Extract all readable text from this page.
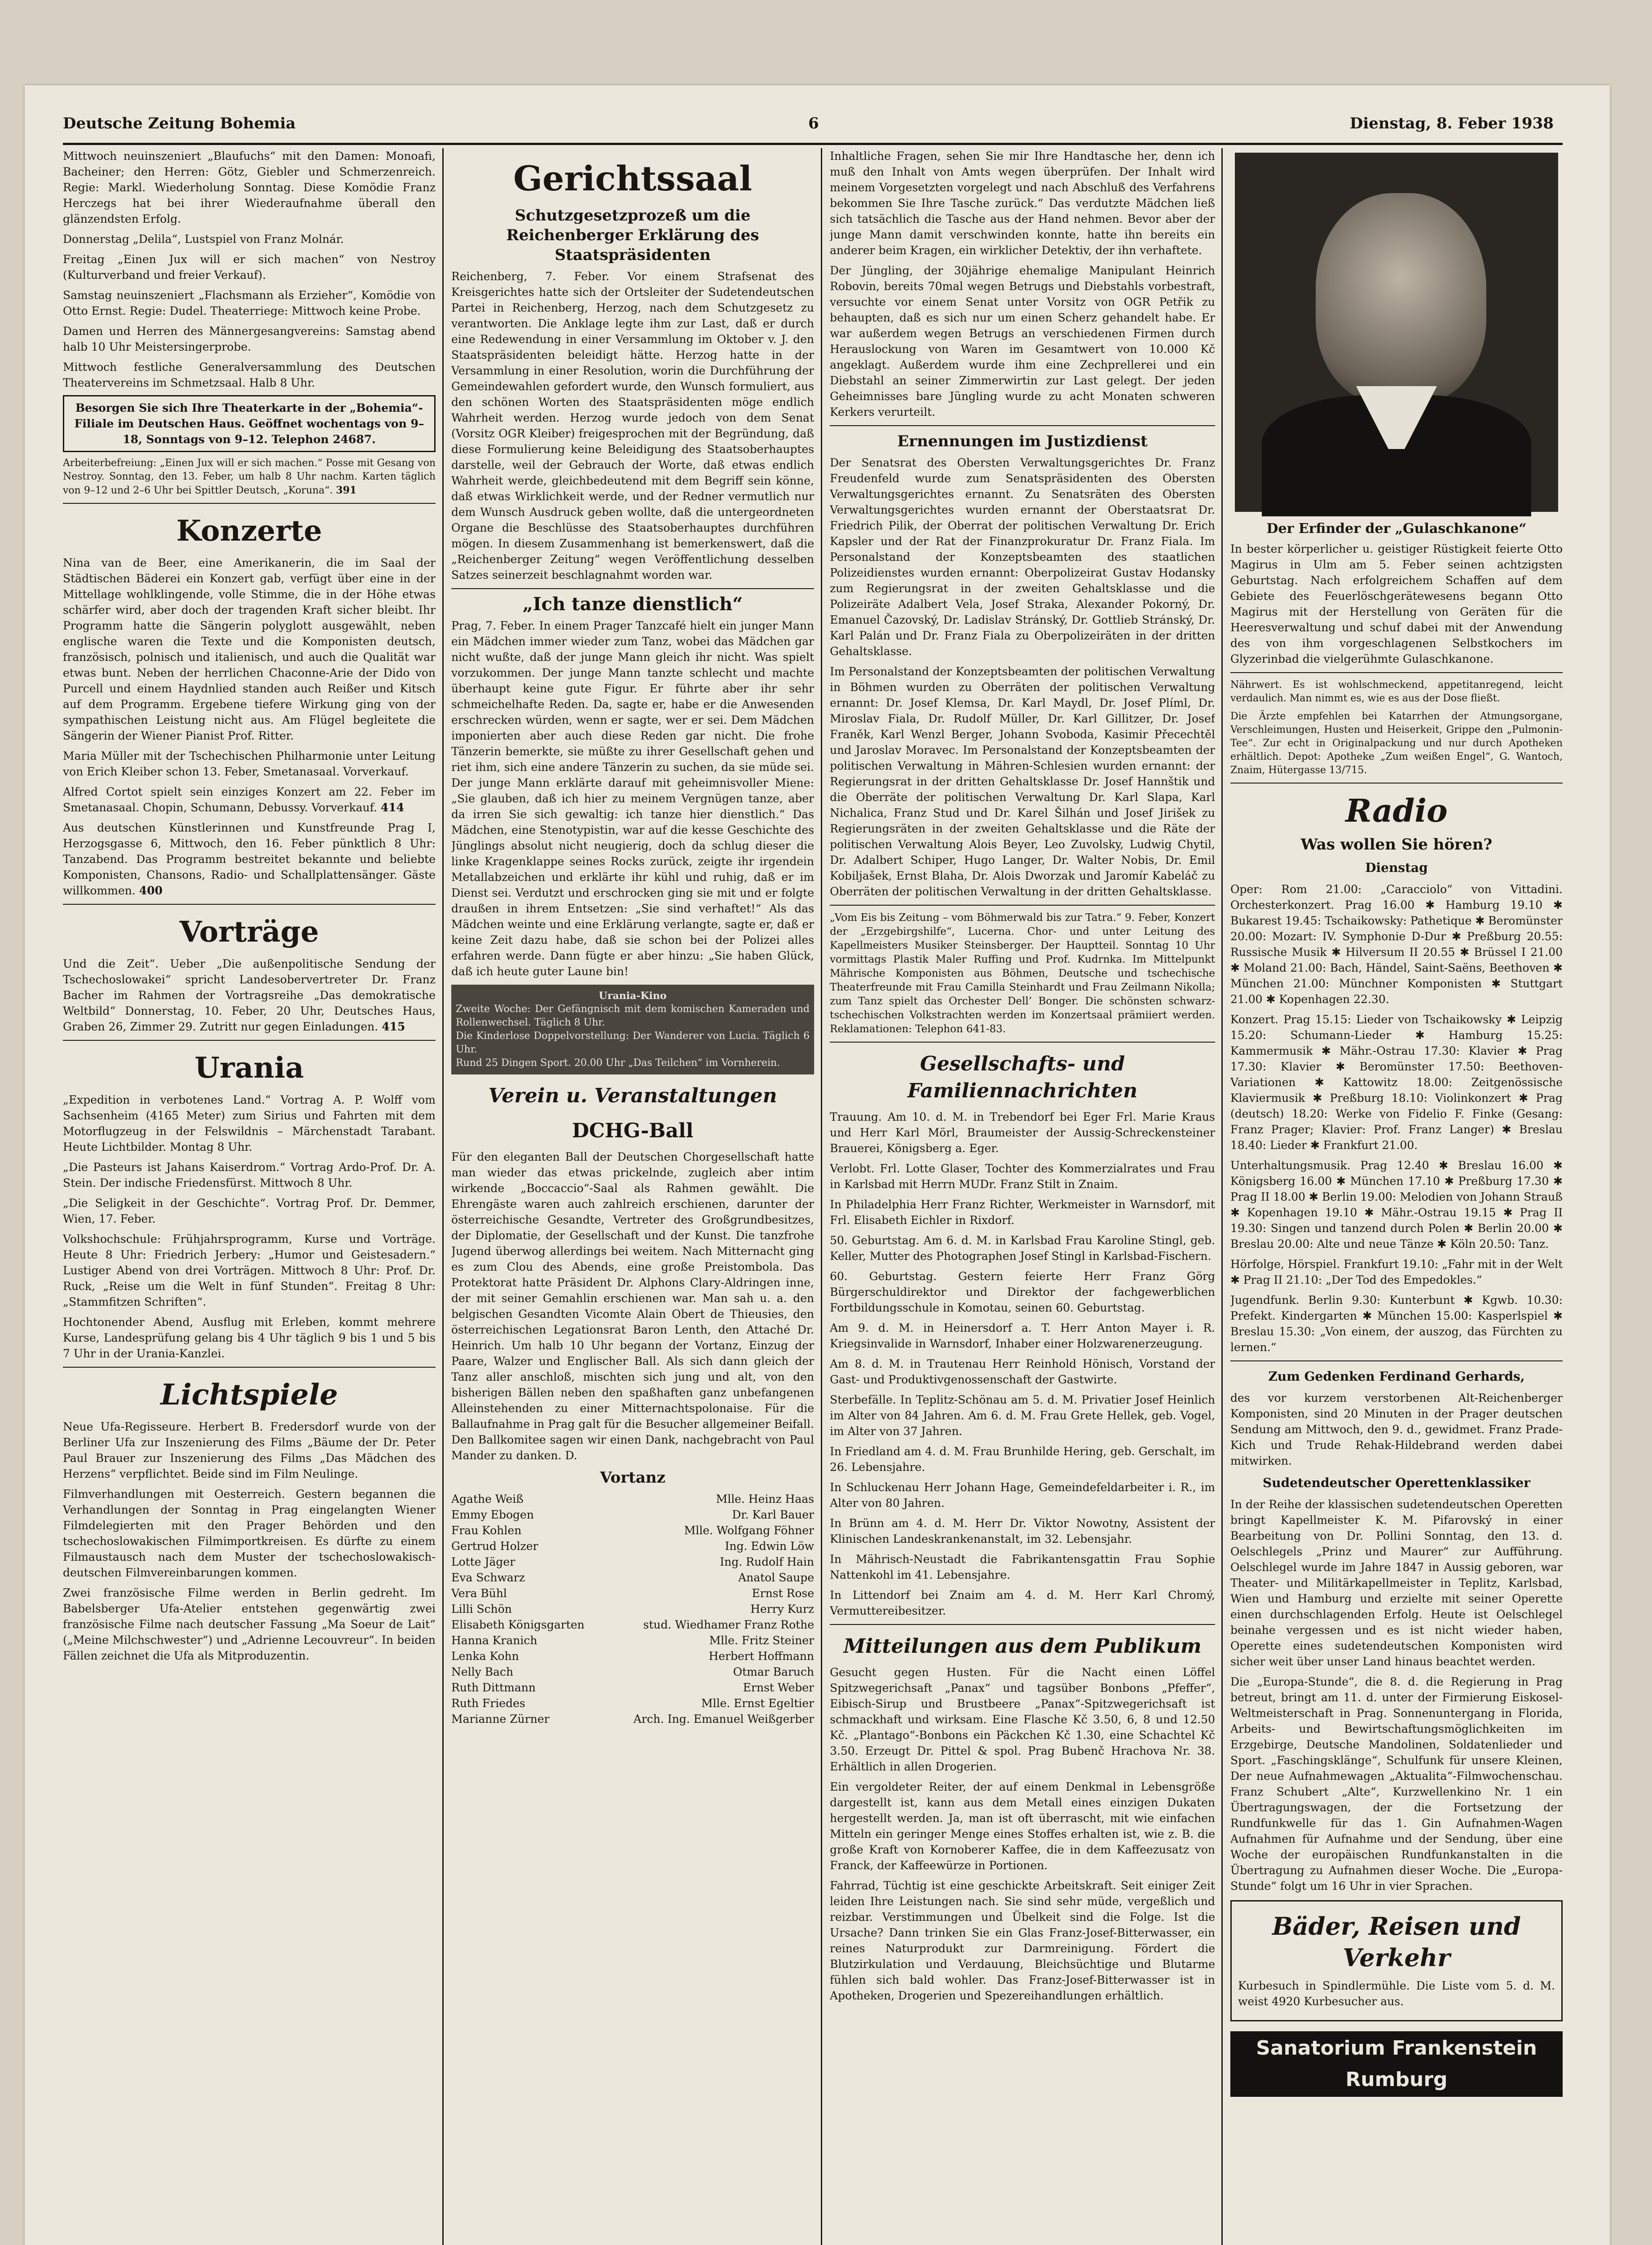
Deutsche Zeitung Bohemia	6	Dienstag, 8. Feber 1938

Mittwoch neuinszeniert „Blaufuchs“ mit den Damen: Monoafi, Bacheiner; den Herren: Götz, Giebler und Schmerzenreich. Regie: Markl. Wiederholung Sonntag. Diese Komödie Franz Herczegs hat bei ihrer Wiederaufnahme überall den glänzendsten Erfolg.

Donnerstag „Delila“, Lustspiel von Franz Molnár.

Freitag „Einen Jux will er sich machen“ von Nestroy (Kulturverband und freier Verkauf).

Samstag neuinszeniert „Flachsmann als Erzieher“, Komödie von Otto Ernst. Regie: Dudel. Theaterriege: Mittwoch keine Probe.

Damen und Herren des Männergesangvereins: Samstag abend halb 10 Uhr Meistersingerprobe.

Mittwoch festliche Generalversammlung des Deutschen Theatervereins im Schmetzsaal. Halb 8 Uhr.

Besorgen Sie sich Ihre Theaterkarte in der „Bohemia“-Filiale im Deutschen Haus. Geöffnet wochentags von 9–18, Sonntags von 9–12. Telephon 24687.

Arbeiterbefreiung: „Einen Jux will er sich machen.“ Posse mit Gesang von Nestroy. Sonntag, den 13. Feber, um halb 8 Uhr nachm. Karten täglich von 9–12 und 2–6 Uhr bei Spittler Deutsch, „Koruna“. 391

Konzerte

Nina van de Beer, eine Amerikanerin, die im Saal der Städtischen Bäderei ein Konzert gab, verfügt über eine in der Mittellage wohlklingende, volle Stimme, die in der Höhe etwas schärfer wird, aber doch der tragenden Kraft sicher bleibt. Ihr Programm hatte die Sängerin polyglott ausgewählt, neben englische waren die Texte und die Komponisten deutsch, französisch, polnisch und italienisch, und auch die Qualität war etwas bunt. Neben der herrlichen Chaconne-Arie der Dido von Purcell und einem Haydnlied standen auch Reißer und Kitsch auf dem Programm. Ergebene tiefere Wirkung ging von der sympathischen Leistung nicht aus. Am Flügel begleitete die Sängerin der Wiener Pianist Prof. Ritter.

Maria Müller mit der Tschechischen Philharmonie unter Leitung von Erich Kleiber schon 13. Feber, Smetanasaal. Vorverkauf.

Alfred Cortot spielt sein einziges Konzert am 22. Feber im Smetanasaal. Chopin, Schumann, Debussy. Vorverkauf. 414

Aus deutschen Künstlerinnen und Kunstfreunde Prag I, Herzogsgasse 6, Mittwoch, den 16. Feber pünktlich 8 Uhr: Tanzabend. Das Programm bestreitet bekannte und beliebte Komponisten, Chansons, Radio- und Schallplattensänger. Gäste willkommen. 400

Vorträge

Und die Zeit“. Ueber „Die außenpolitische Sendung der Tschechoslowakei“ spricht Landesobervertreter Dr. Franz Bacher im Rahmen der Vortragsreihe „Das demokratische Weltbild“ Donnerstag, 10. Feber, 20 Uhr, Deutsches Haus, Graben 26, Zimmer 29. Zutritt nur gegen Einladungen. 415

Urania

„Expedition in verbotenes Land.“ Vortrag A. P. Wolff vom Sachsenheim (4165 Meter) zum Sirius und Fahrten mit dem Motorflugzeug in der Felswildnis – Märchenstadt Tarabant. Heute Lichtbilder. Montag 8 Uhr.

„Die Pasteurs ist Jahans Kaiserdrom.“ Vortrag Ardo-Prof. Dr. A. Stein. Der indische Friedensfürst. Mittwoch 8 Uhr.

„Die Seligkeit in der Geschichte“. Vortrag Prof. Dr. Demmer, Wien, 17. Feber.

Volkshochschule: Frühjahrsprogramm, Kurse und Vorträge. Heute 8 Uhr: Friedrich Jerbery: „Humor und Geistesadern.“ Lustiger Abend von drei Vorträgen. Mittwoch 8 Uhr: Prof. Dr. Ruck, „Reise um die Welt in fünf Stunden“. Freitag 8 Uhr: „Stammfitzen Schriften“.

Hochtonender Abend, Ausflug mit Erleben, kommt mehrere Kurse, Landesprüfung gelang bis 4 Uhr täglich 9 bis 1 und 5 bis 7 Uhr in der Urania-Kanzlei.

Lichtspiele

Neue Ufa-Regisseure. Herbert B. Fredersdorf wurde von der Berliner Ufa zur Inszenierung des Films „Bäume der Dr. Peter Paul Brauer zur Inszenierung des Films „Das Mädchen des Herzens“ verpflichtet. Beide sind im Film Neulinge.

Filmverhandlungen mit Oesterreich. Gestern begannen die Verhandlungen der Sonntag in Prag eingelangten Wiener Filmdelegierten mit den Prager Behörden und den tschechoslowakischen Filmimportkreisen. Es dürfte zu einem Filmaustausch nach dem Muster der tschechoslowakisch-deutschen Filmvereinbarungen kommen.

Zwei französische Filme werden in Berlin gedreht. Im Babelsberger Ufa-Atelier entstehen gegenwärtig zwei französische Filme nach deutscher Fassung „Ma Soeur de Lait“ („Meine Milchschwester“) und „Adrienne Lecouvreur“. In beiden Fällen zeichnet die Ufa als Mitproduzentin.

Gerichtssaal
Schutzgesetzprozeß um die Reichenberger Erklärung des Staatspräsidenten

Reichenberg, 7. Feber. Vor einem Strafsenat des Kreisgerichtes hatte sich der Ortsleiter der Sudetendeutschen Partei in Reichenberg, Herzog, nach dem Schutzgesetz zu verantworten. Die Anklage legte ihm zur Last, daß er durch eine Redewendung in einer Versammlung im Oktober v. J. den Staatspräsidenten beleidigt hätte. Herzog hatte in der Versammlung in einer Resolution, worin die Durchführung der Gemeindewahlen gefordert wurde, den Wunsch formuliert, aus den schönen Worten des Staatspräsidenten möge endlich Wahrheit werden. Herzog wurde jedoch von dem Senat (Vorsitz OGR Kleiber) freigesprochen mit der Begründung, daß diese Formulierung keine Beleidigung des Staatsoberhauptes darstelle, weil der Gebrauch der Worte, daß etwas endlich Wahrheit werde, gleichbedeutend mit dem Begriff sein könne, daß etwas Wirklichkeit werde, und der Redner vermutlich nur dem Wunsch Ausdruck geben wollte, daß die untergeordneten Organe die Beschlüsse des Staatsoberhauptes durchführen mögen. In diesem Zusammenhang ist bemerkenswert, daß die „Reichenberger Zeitung“ wegen Veröffentlichung desselben Satzes seinerzeit beschlagnahmt worden war.

„Ich tanze dienstlich“

Prag, 7. Feber. In einem Prager Tanzcafé hielt ein junger Mann ein Mädchen immer wieder zum Tanz, wobei das Mädchen gar nicht wußte, daß der junge Mann gleich ihr nicht. Was spielt vorzukommen. Der junge Mann tanzte schlecht und machte überhaupt keine gute Figur. Er führte aber ihr sehr schmeichelhafte Reden. Da, sagte er, habe er die Anwesenden erschrecken würden, wenn er sagte, wer er sei. Dem Mädchen imponierten aber auch diese Reden gar nicht. Die frohe Tänzerin bemerkte, sie müßte zu ihrer Gesellschaft gehen und riet ihm, sich eine andere Tänzerin zu suchen, da sie müde sei. Der junge Mann erklärte darauf mit geheimnisvoller Miene: „Sie glauben, daß ich hier zu meinem Vergnügen tanze, aber da irren Sie sich gewaltig: ich tanze hier dienstlich.“ Das Mädchen, eine Stenotypistin, war auf die kesse Geschichte des Jünglings absolut nicht neugierig, doch da schlug dieser die linke Kragenklappe seines Rocks zurück, zeigte ihr irgendein Metallabzeichen und erklärte ihr kühl und ruhig, daß er im Dienst sei. Verdutzt und erschrocken ging sie mit und er folgte draußen in ihrem Entsetzen: „Sie sind verhaftet!“ Als das Mädchen weinte und eine Erklärung verlangte, sagte er, daß er keine Zeit dazu habe, daß sie schon bei der Polizei alles erfahren werde. Dann fügte er aber hinzu: „Sie haben Glück, daß ich heute guter Laune bin!

Urania-Kino
Zweite Woche: Der Gefängnisch mit dem komischen Kameraden und Rollenwechsel. Täglich 8 Uhr.
Die Kinderlose Doppelvorstellung: Der Wanderer von Lucia. Täglich 6 Uhr.
Rund 25 Dingen Sport. 20.00 Uhr „Das Teilchen“ im Vornherein.
Verein u. Veranstaltungen
DCHG-Ball

Für den eleganten Ball der Deutschen Chorgesellschaft hatte man wieder das etwas prickelnde, zugleich aber intim wirkende „Boccaccio“-Saal als Rahmen gewählt. Die Ehrengäste waren auch zahlreich erschienen, darunter der österreichische Gesandte, Vertreter des Großgrundbesitzes, der Diplomatie, der Gesellschaft und der Kunst. Die tanzfrohe Jugend überwog allerdings bei weitem. Nach Mitternacht ging es zum Clou des Abends, eine große Preistombola. Das Protektorat hatte Präsident Dr. Alphons Clary-Aldringen inne, der mit seiner Gemahlin erschienen war. Man sah u. a. den belgischen Gesandten Vicomte Alain Obert de Thieusies, den österreichischen Legationsrat Baron Lenth, den Attaché Dr. Heinrich. Um halb 10 Uhr begann der Vortanz, Einzug der Paare, Walzer und Englischer Ball. Als sich dann gleich der Tanz aller anschloß, mischten sich jung und alt, von den bisherigen Bällen neben den spaßhaften ganz unbefangenen Alleinstehenden zu einer Mitternachtspolonaise. Für die Ballaufnahme in Prag galt für die Besucher allgemeiner Beifall. Den Ballkomitee sagen wir einen Dank, nachgebracht von Paul Mander zu danken. D.

Vortanz
Agathe Weiß	Mlle. Heinz Haas
Emmy Ebogen	Dr. Karl Bauer
Frau Kohlen	Mlle. Wolfgang Föhner
Gertrud Holzer	Ing. Edwin Löw
Lotte Jäger	Ing. Rudolf Hain
Eva Schwarz	Anatol Saupe
Vera Bühl	Ernst Rose
Lilli Schön	Herry Kurz
Elisabeth Königsgarten	stud. Wiedhamer Franz Rothe
Hanna Kranich	Mlle. Fritz Steiner
Lenka Kohn	Herbert Hoffmann
Nelly Bach	Otmar Baruch
Ruth Dittmann	Ernst Weber
Ruth Friedes	Mlle. Ernst Egeltier
Marianne Zürner	Arch. Ing. Emanuel Weißgerber

Inhaltliche Fragen, sehen Sie mir Ihre Handtasche her, denn ich muß den Inhalt von Amts wegen überprüfen. Der Inhalt wird meinem Vorgesetzten vorgelegt und nach Abschluß des Verfahrens bekommen Sie Ihre Tasche zurück.“ Das verdutzte Mädchen ließ sich tatsächlich die Tasche aus der Hand nehmen. Bevor aber der junge Mann damit verschwinden konnte, hatte ihn bereits ein anderer beim Kragen, ein wirklicher Detektiv, der ihn verhaftete.

Der Jüngling, der 30jährige ehemalige Manipulant Heinrich Robovin, bereits 70mal wegen Betrugs und Diebstahls vorbestraft, versuchte vor einem Senat unter Vorsitz von OGR Petřik zu behaupten, daß es sich nur um einen Scherz gehandelt habe. Er war außerdem wegen Betrugs an verschiedenen Firmen durch Herauslockung von Waren im Gesamtwert von 10.000 Kč angeklagt. Außerdem wurde ihm eine Zechprellerei und ein Diebstahl an seiner Zimmerwirtin zur Last gelegt. Der jeden Geheimnisses bare Jüngling wurde zu acht Monaten schweren Kerkers verurteilt.

Ernennungen im Justizdienst

Der Senatsrat des Obersten Verwaltungsgerichtes Dr. Franz Freudenfeld wurde zum Senatspräsidenten des Obersten Verwaltungsgerichtes ernannt. Zu Senatsräten des Obersten Verwaltungsgerichtes wurden ernannt der Oberstaatsrat Dr. Friedrich Pilik, der Oberrat der politischen Verwaltung Dr. Erich Kapsler und der Rat der Finanzprokuratur Dr. Franz Fiala. Im Personalstand der Konzeptsbeamten des staatlichen Polizeidienstes wurden ernannt: Oberpolizeirat Gustav Hodansky zum Regierungsrat in der zweiten Gehaltsklasse und die Polizeiräte Adalbert Vela, Josef Straka, Alexander Pokorný, Dr. Emanuel Čazovský, Dr. Ladislav Stránský, Dr. Gottlieb Stránský, Dr. Karl Palán und Dr. Franz Fiala zu Oberpolizeiräten in der dritten Gehaltsklasse.

Im Personalstand der Konzeptsbeamten der politischen Verwaltung in Böhmen wurden zu Oberräten der politischen Verwaltung ernannt: Dr. Josef Klemsa, Dr. Karl Maydl, Dr. Josef Plíml, Dr. Miroslav Fiala, Dr. Rudolf Müller, Dr. Karl Gillitzer, Dr. Josef Franěk, Karl Wenzl Berger, Johann Svoboda, Kasimir Přecechtěl und Jaroslav Moravec. Im Personalstand der Konzeptsbeamten der politischen Verwaltung in Mähren-Schlesien wurden ernannt: der Regierungsrat in der dritten Gehaltsklasse Dr. Josef Hannštik und die Oberräte der politischen Verwaltung Dr. Karl Slapa, Karl Nichalica, Franz Stud und Dr. Karel Šilhán und Josef Jirišek zu Regierungsräten in der zweiten Gehaltsklasse und die Räte der politischen Verwaltung Alois Beyer, Leo Zuvolsky, Ludwig Chytil, Dr. Adalbert Schiper, Hugo Langer, Dr. Walter Nobis, Dr. Emil Kobiljašek, Ernst Blaha, Dr. Alois Dworzak und Jaromír Kabeláč zu Oberräten der politischen Verwaltung in der dritten Gehaltsklasse.

„Vom Eis bis Zeitung – vom Böhmerwald bis zur Tatra.“ 9. Feber, Konzert der „Erzgebirgshilfe“, Lucerna. Chor- und unter Leitung des Kapellmeisters Musiker Steinsberger. Der Hauptteil. Sonntag 10 Uhr vormittags Plastik Maler Ruffing und Prof. Kudrnka. Im Mittelpunkt Mährische Komponisten aus Böhmen, Deutsche und tschechische Theaterfreunde mit Frau Camilla Steinhardt und Frau Zeilmann Nikolla; zum Tanz spielt das Orchester Dell’ Bonger. Die schönsten schwarz-tschechischen Volkstrachten werden im Konzertsaal prämiiert werden. Reklamationen: Telephon 641-83.

Gesellschafts- und Familiennachrichten

Trauung. Am 10. d. M. in Trebendorf bei Eger Frl. Marie Kraus und Herr Karl Mörl, Braumeister der Aussig-Schreckensteiner Brauerei, Königsberg a. Eger.

Verlobt. Frl. Lotte Glaser, Tochter des Kommerzialrates und Frau in Karlsbad mit Herrn MUDr. Franz Stilt in Znaim.

In Philadelphia Herr Franz Richter, Werkmeister in Warnsdorf, mit Frl. Elisabeth Eichler in Rixdorf.

50. Geburtstag. Am 6. d. M. in Karlsbad Frau Karoline Stingl, geb. Keller, Mutter des Photographen Josef Stingl in Karlsbad-Fischern.

60. Geburtstag. Gestern feierte Herr Franz Görg Bürgerschuldirektor und Direktor der fachgewerblichen Fortbildungsschule in Komotau, seinen 60. Geburtstag.

Am 9. d. M. in Heinersdorf a. T. Herr Anton Mayer i. R. Kriegsinvalide in Warnsdorf, Inhaber einer Holzwarenerzeugung.

Am 8. d. M. in Trautenau Herr Reinhold Hönisch, Vorstand der Gast- und Produktivgenossenschaft der Gastwirte.

Sterbefälle. In Teplitz-Schönau am 5. d. M. Privatier Josef Heinlich im Alter von 84 Jahren. Am 6. d. M. Frau Grete Hellek, geb. Vogel, im Alter von 37 Jahren.

In Friedland am 4. d. M. Frau Brunhilde Hering, geb. Gerschalt, im 26. Lebensjahre.

In Schluckenau Herr Johann Hage, Gemeindefeldarbeiter i. R., im Alter von 80 Jahren.

In Brünn am 4. d. M. Herr Dr. Viktor Nowotny, Assistent der Klinischen Landeskrankenanstalt, im 32. Lebensjahr.

In Mährisch-Neustadt die Fabrikantensgattin Frau Sophie Nattenkohl im 41. Lebensjahre.

In Littendorf bei Znaim am 4. d. M. Herr Karl Chromý, Vermuttereibesitzer.

Mitteilungen aus dem Publikum

Gesucht gegen Husten. Für die Nacht einen Löffel Spitzwegerichsaft „Panax“ und tagsüber Bonbons „Pfeffer“, Eibisch-Sirup und Brustbeere „Panax“-Spitzwegerichsaft ist schmackhaft und wirksam. Eine Flasche Kč 3.50, 6, 8 und 12.50 Kč. „Plantago“-Bonbons ein Päckchen Kč 1.30, eine Schachtel Kč 3.50. Erzeugt Dr. Pittel & spol. Prag Bubenč Hrachova Nr. 38. Erhältlich in allen Drogerien.

Ein vergoldeter Reiter, der auf einem Denkmal in Lebensgröße dargestellt ist, kann aus dem Metall eines einzigen Dukaten hergestellt werden. Ja, man ist oft überrascht, mit wie einfachen Mitteln ein geringer Menge eines Stoffes erhalten ist, wie z. B. die große Kraft von Kornoberer Kaffee, die in dem Kaffeezusatz von Franck, der Kaffeewürze in Portionen.

Fahrrad, Tüchtig ist eine geschickte Arbeitskraft. Seit einiger Zeit leiden Ihre Leistungen nach. Sie sind sehr müde, vergeßlich und reizbar. Verstimmungen und Übelkeit sind die Folge. Ist die Ursache? Dann trinken Sie ein Glas Franz-Josef-Bitterwasser, ein reines Naturprodukt zur Darmreinigung. Fördert die Blutzirkulation und Verdauung, Bleichsüchtige und Blutarme fühlen sich bald wohler. Das Franz-Josef-Bitterwasser ist in Apotheken, Drogerien und Spezereihandlungen erhältlich.

Der Erfinder der „Gulaschkanone“

In bester körperlicher u. geistiger Rüstigkeit feierte Otto Magirus in Ulm am 5. Feber seinen achtzigsten Geburtstag. Nach erfolgreichem Schaffen auf dem Gebiete des Feuerlöschgerätewesens begann Otto Magirus mit der Herstellung von Geräten für die Heeresverwaltung und schuf dabei mit der Anwendung des von ihm vorgeschlagenen Selbstkochers im Glyzerinbad die vielgerühmte Gulaschkanone.

Nährwert. Es ist wohlschmeckend, appetitanregend, leicht verdaulich. Man nimmt es, wie es aus der Dose fließt.

Die Ärzte empfehlen bei Katarrhen der Atmungsorgane, Verschleimungen, Husten und Heiserkeit, Grippe den „Pulmonin-Tee“. Zur echt in Originalpackung und nur durch Apotheken erhältlich. Depot: Apotheke „Zum weißen Engel“, G. Wantoch, Znaim, Hütergasse 13/715.

Radio
Was wollen Sie hören?
Dienstag

Oper: Rom 21.00: „Caracciolo“ von Vittadini. Orchesterkonzert. Prag 16.00 ✱ Hamburg 19.10 ✱ Bukarest 19.45: Tschaikowsky: Pathetique ✱ Beromünster 20.00: Mozart: IV. Symphonie D-Dur ✱ Preßburg 20.55: Russische Musik ✱ Hilversum II 20.55 ✱ Brüssel I 21.00 ✱ Moland 21.00: Bach, Händel, Saint-Saëns, Beethoven ✱ München 21.00: Münchner Komponisten ✱ Stuttgart 21.00 ✱ Kopenhagen 22.30.

Konzert. Prag 15.15: Lieder von Tschaikowsky ✱ Leipzig 15.20: Schumann-Lieder ✱ Hamburg 15.25: Kammermusik ✱ Mähr.-Ostrau 17.30: Klavier ✱ Prag 17.30: Klavier ✱ Beromünster 17.50: Beethoven-Variationen ✱ Kattowitz 18.00: Zeitgenössische Klaviermusik ✱ Preßburg 18.10: Violinkonzert ✱ Prag (deutsch) 18.20: Werke von Fidelio F. Finke (Gesang: Franz Prager; Klavier: Prof. Franz Langer) ✱ Breslau 18.40: Lieder ✱ Frankfurt 21.00.

Unterhaltungsmusik. Prag 12.40 ✱ Breslau 16.00 ✱ Königsberg 16.00 ✱ München 17.10 ✱ Preßburg 17.30 ✱ Prag II 18.00 ✱ Berlin 19.00: Melodien von Johann Strauß ✱ Kopenhagen 19.10 ✱ Mähr.-Ostrau 19.15 ✱ Prag II 19.30: Singen und tanzend durch Polen ✱ Berlin 20.00 ✱ Breslau 20.00: Alte und neue Tänze ✱ Köln 20.50: Tanz.

Hörfolge, Hörspiel. Frankfurt 19.10: „Fahr mit in der Welt ✱ Prag II 21.10: „Der Tod des Empedokles.“

Jugendfunk. Berlin 9.30: Kunterbunt ✱ Kgwb. 10.30: Prefekt. Kindergarten ✱ München 15.00: Kasperlspiel ✱ Breslau 15.30: „Von einem, der auszog, das Fürchten zu lernen.“

Zum Gedenken Ferdinand Gerhards,

des vor kurzem verstorbenen Alt-Reichenberger Komponisten, sind 20 Minuten in der Prager deutschen Sendung am Mittwoch, den 9. d., gewidmet. Franz Prade-Kich und Trude Rehak-Hildebrand werden dabei mitwirken.

Sudetendeutscher Operettenklassiker

In der Reihe der klassischen sudetendeutschen Operetten bringt Kapellmeister K. M. Pifarovský in einer Bearbeitung von Dr. Pollini Sonntag, den 13. d. Oelschlegels „Prinz und Maurer“ zur Aufführung. Oelschlegel wurde im Jahre 1847 in Aussig geboren, war Theater- und Militärkapellmeister in Teplitz, Karlsbad, Wien und Hamburg und erzielte mit seiner Operette einen durchschlagenden Erfolg. Heute ist Oelschlegel beinahe vergessen und es ist nicht wieder haben, Operette eines sudetendeutschen Komponisten wird sicher weit über unser Land hinaus beachtet werden.

Die „Europa-Stunde“, die 8. d. die Regierung in Prag betreut, bringt am 11. d. unter der Firmierung Eiskosel-Weltmeisterschaft in Prag. Sonnenuntergang in Florida, Arbeits- und Bewirtschaftungsmöglichkeiten im Erzgebirge, Deutsche Mandolinen, Soldatenlieder und Sport. „Faschingsklänge“, Schulfunk für unsere Kleinen, Der neue Aufnahmewagen „Aktualita“-Filmwochenschau. Franz Schubert „Alte“, Kurzwellenkino Nr. 1 ein Übertragungswagen, der die Fortsetzung der Rundfunkwelle für das 1. Gin Aufnahmen-Wagen Aufnahmen für Aufnahme und der Sendung, über eine Woche der europäischen Rundfunkanstalten in die Übertragung zu Aufnahmen dieser Woche. Die „Europa-Stunde“ folgt um 16 Uhr in vier Sprachen.

Bäder, Reisen und Verkehr

Kurbesuch in Spindlermühle. Die Liste vom 5. d. M. weist 4920 Kurbesucher aus.

Sanatorium Frankenstein Rumburg
